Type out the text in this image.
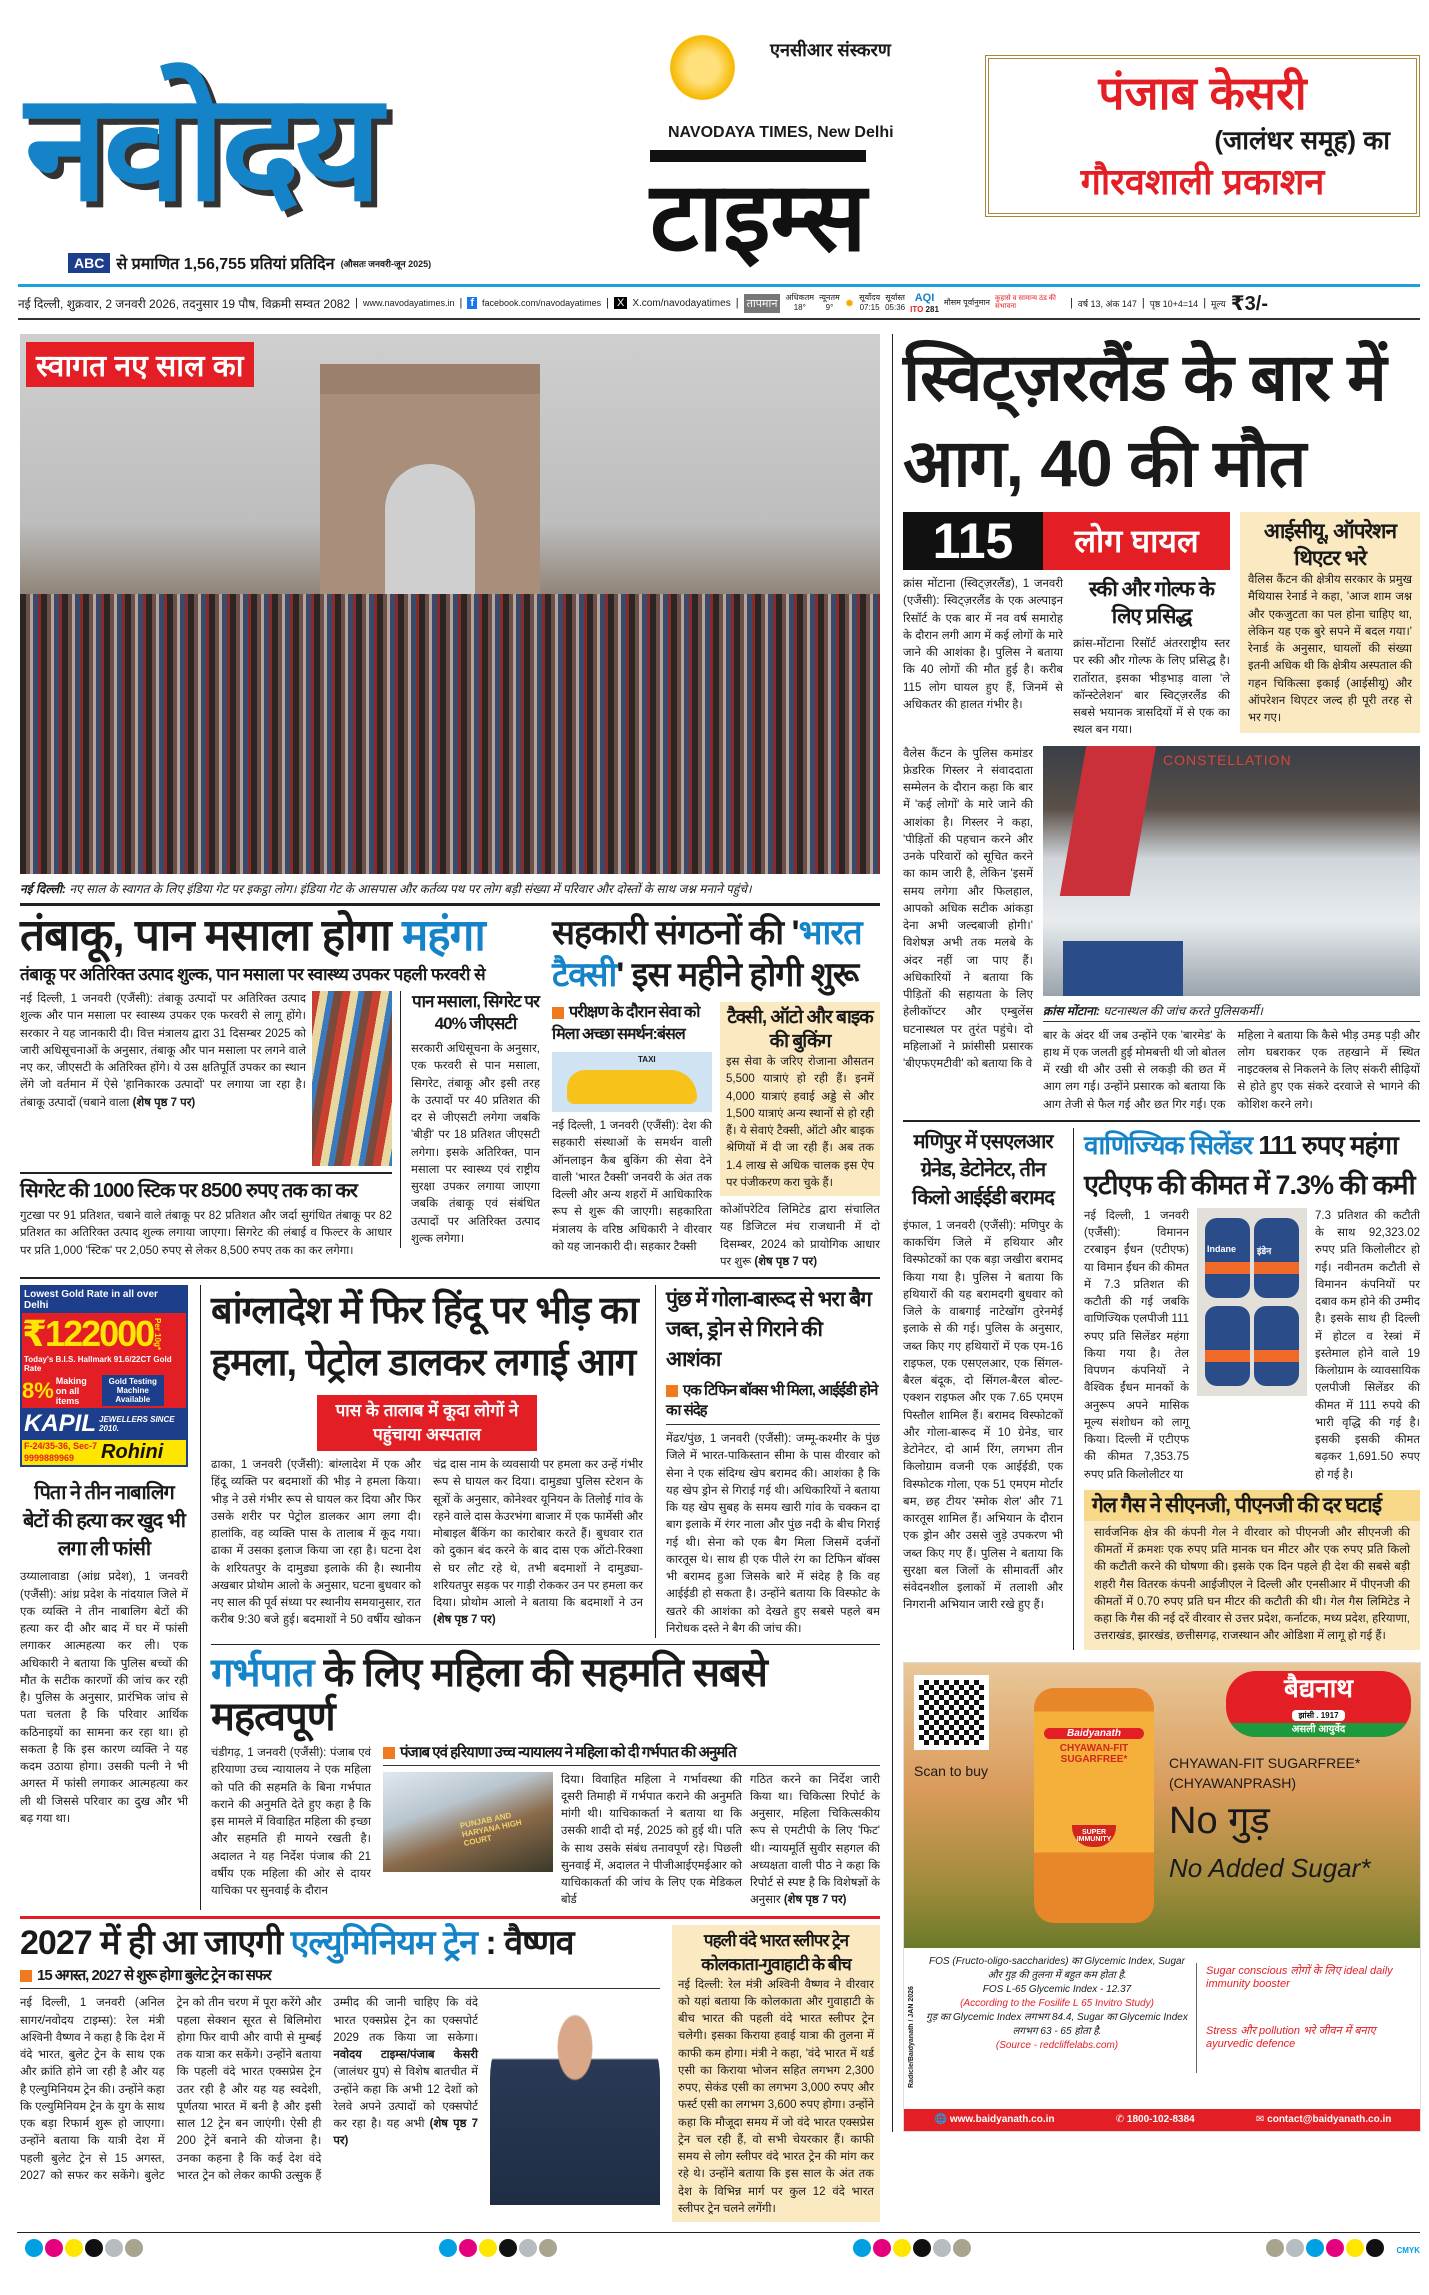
नवोदय
एनसीआर संस्करण
NAVODAYA TIMES, New Delhi
टाइम्स
ABC से प्रमाणित 1,56,755 प्रतियां प्रतिदिन (औसतः जनवरी-जून 2025)
पंजाब केसरी
(जालंधर समूह) का
गौरवशाली प्रकाशन
नई दिल्ली, शुक्रवार, 2 जनवरी 2026, तदनुसार 19 पौष, विक्रमी सम्वत 2082 | www.navodayatimes.in | f facebook.com/navodayatimes | X X.com/navodayatimes | तापमान	अधिकतम
18°
न्यूनतम
9°	✹ सूर्योदय
07:15
सूर्यास्त
05:36
AQI
ITO 281
मौसम पूर्वानुमान
कुहासे व सामान्य ठंड की संभावना	| वर्ष 13, अंक 147 | पृष्ठ 10+4=14 | मूल्य ₹3/-
स्वागत नए साल का
नई दिल्ली: नए साल के स्वागत के लिए इंडिया गेट पर इकट्ठा लोग। इंडिया गेट के आसपास और कर्तव्य पथ पर लोग बड़ी संख्या में परिवार और दोस्तों के साथ जश्न मनाने पहुंचे।
तंबाकू, पान मसाला होगा महंगा
तंबाकू पर अतिरिक्त उत्पाद शुल्क, पान मसाला पर स्वास्थ्य उपकर पहली फरवरी से
नई दिल्ली, 1 जनवरी (एजैंसी): तंबाकू उत्पादों पर अतिरिक्त उत्पाद शुल्क और पान मसाला पर स्वास्थ्य उपकर एक फरवरी से लागू होंगे। सरकार ने यह जानकारी दी। वित्त मंत्रालय द्वारा 31 दिसम्बर 2025 को जारी अधिसूचनाओं के अनुसार, तंबाकू और पान मसाला पर लगने वाले नए कर, जीएसटी के अतिरिक्त होंगे। ये उस क्षतिपूर्ति उपकर का स्थान लेंगे जो वर्तमान में ऐसे 'हानिकारक उत्पादों' पर लगाया जा रहा है। तंबाकू उत्पादों (चबाने वाला (शेष पृष्ठ 7 पर)
सिगरेट की 1000 स्टिक पर 8500 रुपए तक का कर
गुटखा पर 91 प्रतिशत, चबाने वाले तंबाकू पर 82 प्रतिशत और जर्दा सुगंधित तंबाकू पर 82 प्रतिशत का अतिरिक्त उत्पाद शुल्क लगाया जाएगा। सिगरेट की लंबाई व फिल्टर के आधार पर प्रति 1,000 'स्टिक' पर 2,050 रुपए से लेकर 8,500 रुपए तक का कर लगेगा।
पान मसाला, सिगरेट पर 40% जीएसटी
सरकारी अधिसूचना के अनुसार, एक फरवरी से पान मसाला, सिगरेट, तंबाकू और इसी तरह के उत्पादों पर 40 प्रतिशत की दर से जीएसटी लगेगा जबकि 'बीड़ी' पर 18 प्रतिशत जीएसटी लगेगा। इसके अतिरिक्त, पान मसाला पर स्वास्थ्य एवं राष्ट्रीय सुरक्षा उपकर लगाया जाएगा जबकि तंबाकू एवं संबंधित उत्पादों पर अतिरिक्त उत्पाद शुल्क लगेगा।
सहकारी संगठनों की 'भारत टैक्सी' इस महीने होगी शुरू
परीक्षण के दौरान सेवा को मिला अच्छा समर्थन:बंसल
TAXI
नई दिल्ली, 1 जनवरी (एजैंसी): देश की सहकारी संस्थाओं के समर्थन वाली ऑनलाइन कैब बुकिंग की सेवा देने वाली 'भारत टैक्सी' जनवरी के अंत तक दिल्ली और अन्य शहरों में आधिकारिक रूप से शुरू की जाएगी। सहकारिता मंत्रालय के वरिष्ठ अधिकारी ने वीरवार को यह जानकारी दी। सहकार टैक्सी
टैक्सी, ऑटो और बाइक की बुकिंग
इस सेवा के जरिए रोजाना औसतन 5,500 यात्राएं हो रही हैं। इनमें 4,000 यात्राएं हवाई अड्डे से और 1,500 यात्राएं अन्य स्थानों से हो रही हैं। ये सेवाएं टैक्सी, ऑटो और बाइक श्रेणियों में दी जा रही हैं। अब तक 1.4 लाख से अधिक चालक इस ऐप पर पंजीकरण करा चुके हैं।
कोऑपरेटिव लिमिटेड द्वारा संचालित यह डिजिटल मंच राजधानी में दो दिसम्बर, 2024 को प्रायोगिक आधार पर शुरू (शेष पृष्ठ 7 पर)
Lowest Gold Rate in all over Delhi
₹122000 Per 10g*
Today's B.I.S. Hallmark 91.6/22CT Gold Rate
8% Making on all items
Gold Testing Machine Available
KAPIL JEWELLERS SINCE 2010.
F-24/35-36, Sec-7
9999889969	Rohini
पिता ने तीन नाबालिग बेटों की हत्या कर खुद भी लगा ली फांसी
उय्यालावाडा (आंध्र प्रदेश), 1 जनवरी (एजैंसी): आंध्र प्रदेश के नांदयाल जिले में एक व्यक्ति ने तीन नाबालिग बेटों की हत्या कर दी और बाद में घर में फांसी लगाकर आत्महत्या कर ली। एक अधिकारी ने बताया कि पुलिस बच्चों की मौत के सटीक कारणों की जांच कर रही है। पुलिस के अनुसार, प्रारंभिक जांच से पता चलता है कि परिवार आर्थिक कठिनाइयों का सामना कर रहा था। हो सकता है कि इस कारण व्यक्ति ने यह कदम उठाया होगा। उसकी पत्नी ने भी अगस्त में फांसी लगाकर आत्महत्या कर ली थी जिससे परिवार का दुख और भी बढ़ गया था।
बांग्लादेश में फिर हिंदू पर भीड़ का हमला, पेट्रोल डालकर लगाई आग
पास के तालाब में कूदा लोगों ने पहुंचाया अस्पताल
ढाका, 1 जनवरी (एजैंसी): बांग्लादेश में एक और हिंदू व्यक्ति पर बदमाशों की भीड़ ने हमला किया। भीड़ ने उसे गंभीर रूप से घायल कर दिया और फिर उसके शरीर पर पेट्रोल डालकर आग लगा दी। हालांकि, वह व्यक्ति पास के तालाब में कूद गया। ढाका में उसका इलाज किया जा रहा है। घटना देश के शरियतपुर के दामुड्या इलाके की है। स्थानीय अखबार प्रोथोम आलो के अनुसार, घटना बुधवार को नए साल की पूर्व संध्या पर स्थानीय समयानुसार, रात करीब 9:30 बजे हुई। बदमाशों ने 50 वर्षीय खोकन चंद्र दास नाम के व्यवसायी पर हमला कर उन्हें गंभीर रूप से घायल कर दिया। दामुड्या पुलिस स्टेशन के सूत्रों के अनुसार, कोनेश्वर यूनियन के तिलोई गांव के रहने वाले दास केउरभंगा बाजार में एक फार्मेसी और मोबाइल बैंकिंग का कारोबार करते हैं। बुधवार रात को दुकान बंद करने के बाद दास एक ऑटो-रिक्शा से घर लौट रहे थे, तभी बदमाशों ने दामुड्या-शरियतपुर सड़क पर गाड़ी रोककर उन पर हमला कर दिया। प्रोथोम आलो ने बताया कि बदमाशों ने उन (शेष पृष्ठ 7 पर)
पुंछ में गोला-बारूद से भरा बैग जब्त, ड्रोन से गिराने की आशंका
एक टिफिन बॉक्स भी मिला, आईईडी होने का संदेह
मेंढर/पुंछ, 1 जनवरी (एजैंसी): जम्मू-कश्मीर के पुंछ जिले में भारत-पाकिस्तान सीमा के पास वीरवार को सेना ने एक संदिग्ध खेप बरामद की। आशंका है कि यह खेप ड्रोन से गिराई गई थी। अधिकारियों ने बताया कि यह खेप सुबह के समय खारी गांव के चक्कन दा बाग इलाके में रंगर नाला और पुंछ नदी के बीच गिराई गई थी। सेना को एक बैग मिला जिसमें दर्जनों कारतूस थे। साथ ही एक पीले रंग का टिफिन बॉक्स भी बरामद हुआ जिसके बारे में संदेह है कि वह आईईडी हो सकता है। उन्होंने बताया कि विस्फोट के खतरे की आशंका को देखते हुए सबसे पहले बम निरोधक दस्ते ने बैग की जांच की।
गर्भपात के लिए महिला की सहमति सबसे महत्वपूर्ण
चंडीगढ़, 1 जनवरी (एजैंसी): पंजाब एवं हरियाणा उच्च न्यायालय ने एक महिला को पति की सहमति के बिना गर्भपात कराने की अनुमति देते हुए कहा है कि इस मामले में विवाहित महिला की इच्छा और सहमति ही मायने रखती है। अदालत ने यह निर्देश पंजाब की 21 वर्षीय एक महिला की ओर से दायर याचिका पर सुनवाई के दौरान
पंजाब एवं हरियाणा उच्च न्यायालय ने महिला को दी गर्भपात की अनुमति
PUNJAB AND HARYANA HIGH COURT
दिया। विवाहित महिला ने गर्भावस्था की दूसरी तिमाही में गर्भपात कराने की अनुमति मांगी थी। याचिकाकर्ता ने बताया था कि उसकी शादी दो मई, 2025 को हुई थी। पति के साथ उसके संबंध तनावपूर्ण रहे। पिछली सुनवाई में, अदालत ने पीजीआईएमईआर को याचिकाकर्ता की जांच के लिए एक मेडिकल बोर्ड
गठित करने का निर्देश जारी किया था। चिकित्सा रिपोर्ट के अनुसार, महिला चिकित्सकीय रूप से एमटीपी के लिए 'फिट' थी। न्यायमूर्ति सुवीर सहगल की अध्यक्षता वाली पीठ ने कहा कि रिपोर्ट से स्पष्ट है कि विशेषज्ञों के अनुसार (शेष पृष्ठ 7 पर)
2027 में ही आ जाएगी एल्युमिनियम ट्रेन : वैष्णव
15 अगस्त, 2027 से शुरू होगा बुलेट ट्रेन का सफर
नई दिल्ली, 1 जनवरी (अनिल सागर/नवोदय टाइम्स): रेल मंत्री अश्विनी वैष्णव ने कहा है कि देश में वंदे भारत, बुलेट ट्रेन के साथ एक और क्रांति होने जा रही है और यह है एल्युमिनियम ट्रेन की। उन्होंने कहा कि एल्युमिनियम ट्रेन के युग के साथ एक बड़ा रिफार्म शुरू हो जाएगा। उन्होंने बताया कि यात्री देश में पहली बुलेट ट्रेन से 15 अगस्त, 2027 को सफर कर सकेंगे। बुलेट ट्रेन को तीन चरण में पूरा करेंगे और पहला सेक्शन सूरत से बिलिमोरा होगा फिर वापी और वापी से मुम्बई तक यात्रा कर सकेंगे। उन्होंने बताया कि पहली वंदे भारत एक्सप्रेस ट्रेन उतर रही है और यह यह स्वदेशी, पूर्णतया भारत में बनी है और इसी साल 12 ट्रेन बन जाएंगी। ऐसी ही 200 ट्रेनें बनाने की योजना है। उनका कहना है कि कई देश वंदे भारत ट्रेन को लेकर काफी उत्सुक हैं उम्मीद की जानी चाहिए कि वंदे भारत एक्सप्रेस ट्रेन का एक्सपोर्ट 2029 तक किया जा सकेगा। नवोदय टाइम्स/पंजाब केसरी (जालंधर ग्रुप) से विशेष बातचीत में उन्होंने कहा कि अभी 12 देशों को रेलवे अपने उत्पादों को एक्सपोर्ट कर रहा है। यह अभी (शेष पृष्ठ 7 पर)
पहली वंदे भारत स्लीपर ट्रेन कोलकाता-गुवाहाटी के बीच
नई दिल्ली: रेल मंत्री अश्विनी वैष्णव ने वीरवार को यहां बताया कि कोलकाता और गुवाहाटी के बीच भारत की पहली वंदे भारत स्लीपर ट्रेन चलेगी। इसका किराया हवाई यात्रा की तुलना में काफी कम होगा। मंत्री ने कहा, 'वंदे भारत में थर्ड एसी का किराया भोजन सहित लगभग 2,300 रुपए, सेकंड एसी का लगभग 3,000 रुपए और फर्स्ट एसी का लगभग 3,600 रुपए होगा। उन्होंने कहा कि मौजूदा समय में जो वंदे भारत एक्सप्रेस ट्रेन चल रही हैं, वो सभी चेयरकार हैं। काफी समय से लोग स्लीपर वंदे भारत ट्रेन की मांग कर रहे थे। उन्होंने बताया कि इस साल के अंत तक देश के विभिन्न मार्ग पर कुल 12 वंदे भारत स्लीपर ट्रेन चलने लगेंगी।
स्विट्ज़रलैंड के बार में आग, 40 की मौत
115	लोग घायल
क्रांस मोंटाना (स्विट्ज़रलैंड), 1 जनवरी (एजैंसी): स्विट्ज़रलैंड के एक अल्पाइन रिसॉर्ट के एक बार में नव वर्ष समारोह के दौरान लगी आग में कई लोगों के मारे जाने की आशंका है। पुलिस ने बताया कि 40 लोगों की मौत हुई है। करीब 115 लोग घायल हुए हैं, जिनमें से अधिकतर की हालत गंभीर है।
स्की और गोल्फ के लिए प्रसिद्ध
क्रांस-मोंटाना रिसॉर्ट अंतरराष्ट्रीय स्तर पर स्की और गोल्फ के लिए प्रसिद्ध है। रातोंरात, इसका भीड़भाड़ वाला 'ले कॉन्स्टेलेशन' बार स्विट्ज़रलैंड की सबसे भयानक त्रासदियों में से एक का स्थल बन गया।
आईसीयू, ऑपरेशन थिएटर भरे
वैलिस कैंटन की क्षेत्रीय सरकार के प्रमुख मैथियास रेनार्ड ने कहा, 'आज शाम जश्न और एकजुटता का पल होना चाहिए था, लेकिन यह एक बुरे सपने में बदल गया।' रेनार्ड के अनुसार, घायलों की संख्या इतनी अधिक थी कि क्षेत्रीय अस्पताल की गहन चिकित्सा इकाई (आईसीयू) और ऑपरेशन थिएटर जल्द ही पूरी तरह से भर गए।
वैलेस कैंटन के पुलिस कमांडर फ्रेडरिक गिस्लर ने संवाददाता सम्मेलन के दौरान कहा कि बार में 'कई लोगों' के मारे जाने की आशंका है। गिस्लर ने कहा, 'पीड़ितों की पहचान करने और उनके परिवारों को सूचित करने का काम जारी है, लेकिन 'इसमें समय लगेगा और फिलहाल, आपको अधिक सटीक आंकड़ा देना अभी जल्दबाजी होगी।' विशेषज्ञ अभी तक मलबे के अंदर नहीं जा पाए हैं। अधिकारियों ने बताया कि पीड़ितों की सहायता के लिए हेलीकॉप्टर और एम्बुलेंस घटनास्थल पर तुरंत पहुंचे। दो महिलाओं ने फ्रांसीसी प्रसारक 'बीएफएमटीवी' को बताया कि वे
CONSTELLATION
क्रांस मोंटाना: घटनास्थल की जांच करते पुलिसकर्मी।
बार के अंदर थीं जब उन्होंने एक 'बारमेड' के हाथ में एक जलती हुई मोमबत्ती थी जो बोतल में रखी थी और उसी से लकड़ी की छत में आग लग गई। उन्होंने प्रसारक को बताया कि आग तेजी से फैल गई और छत गिर गई। एक महिला ने बताया कि कैसे भीड़ उमड़ पड़ी और लोग घबराकर एक तहखाने में स्थित नाइटक्लब से निकलने के लिए संकरी सीढ़ियों से होते हुए एक संकरे दरवाजे से भागने की कोशिश करने लगे।
मणिपुर में एसएलआर ग्रेनेड, डेटोनेटर, तीन किलो आईईडी बरामद
इंफाल, 1 जनवरी (एजैंसी): मणिपुर के काकचिंग जिले में हथियार और विस्फोटकों का एक बड़ा जखीरा बरामद किया गया है। पुलिस ने बताया कि हथियारों की यह बरामदगी बुधवार को जिले के वाबगाई नाटेखोंग तुरेनमेई इलाके से की गई। पुलिस के अनुसार, जब्त किए गए हथियारों में एक एम-16 राइफल, एक एसएलआर, एक सिंगल-बैरल बंदूक, दो सिंगल-बैरल बोल्ट-एक्शन राइफल और एक 7.65 एमएम पिस्तौल शामिल हैं। बरामद विस्फोटकों और गोला-बारूद में 10 ग्रेनेड, चार डेटोनेटर, दो आर्म रिंग, लगभग तीन किलोग्राम वजनी एक आईईडी, एक विस्फोटक गोला, एक 51 एमएम मोर्टार बम, छह टीयर 'स्मोक शेल' और 71 कारतूस शामिल हैं। अभियान के दौरान एक ड्रोन और उससे जुड़े उपकरण भी जब्त किए गए हैं। पुलिस ने बताया कि सुरक्षा बल जिलों के सीमावर्ती और संवेदनशील इलाकों में तलाशी और निगरानी अभियान जारी रखे हुए हैं।
वाणिज्यिक सिलेंडर 111 रुपए महंगा
एटीएफ की कीमत में 7.3% की कमी
नई दिल्ली, 1 जनवरी (एजैंसी): विमानन टरबाइन ईंधन (एटीएफ) या विमान ईंधन की कीमत में 7.3 प्रतिशत की कटौती की गई जबकि वाणिज्यिक एलपीजी 111 रुपए प्रति सिलेंडर महंगा किया गया है। तेल विपणन कंपनियों ने वैश्विक ईंधन मानकों के अनुरूप अपने मासिक मूल्य संशोधन को लागू किया। दिल्ली में एटीएफ की कीमत 7,353.75 रुपए प्रति किलोलीटर या
Indane इंडेन
7.3 प्रतिशत की कटौती के साथ 92,323.02 रुपए प्रति किलोलीटर हो गई। नवीनतम कटौती से विमानन कंपनियों पर दबाव कम होने की उम्मीद है। इसके साथ ही दिल्ली में होटल व रेस्त्रां में इस्तेमाल होने वाले 19 किलोग्राम के व्यावसायिक एलपीजी सिलेंडर की कीमत में 111 रुपये की भारी वृद्धि की गई है। इसकी इसकी कीमत बढ़कर 1,691.50 रुपए हो गई है।
गेल गैस ने सीएनजी, पीएनजी की दर घटाई
सार्वजनिक क्षेत्र की कंपनी गेल ने वीरवार को पीएनजी और सीएनजी की कीमतों में क्रमशः एक रुपए प्रति मानक घन मीटर और एक रुपए प्रति किलो की कटौती करने की घोषणा की। इसके एक दिन पहले ही देश की सबसे बड़ी शहरी गैस वितरक कंपनी आईजीएल ने दिल्ली और एनसीआर में पीएनजी की कीमतों में 0.70 रुपए प्रति घन मीटर की कटौती की थी। गेल गैस लिमिटेड ने कहा कि गैस की नई दरें वीरवार से उत्तर प्रदेश, कर्नाटक, मध्य प्रदेश, हरियाणा, उत्तराखंड, झारखंड, छत्तीसगढ़, राजस्थान और ओडिशा में लागू हो गई हैं।
Scan to buy
Baidyanath
CHYAWAN-FIT SUGARFREE*
SUPER IMMUNITY
बैद्यनाथ
झांसी . 1917
असली आयुर्वेद
CHYAWAN-FIT SUGARFREE*
(CHYAWANPRASH)
No गुड़
No Added Sugar*
Radicle/Baidyanath / JAN 2026
FOS (Fructo-oligo-saccharides) का Glycemic Index, Sugar और गुड़ की तुलना में बहुत कम होता है.
FOS L-65 Glycemic Index - 12.37
(According to the Fosilife L 65 Invitro Study)
गुड़ का Glycemic Index लगभग 84.4, Sugar का Glycemic Index लगभग 63 - 65 होता है.
(Source - redcliffelabs.com)
Sugar conscious लोगों के लिए ideal daily immunity booster
Stress और pollution भरे जीवन में बनाए ayurvedic defence
🌐 www.baidyanath.co.in	✆ 1800-102-8384	✉ contact@baidyanath.co.in
CMYK
